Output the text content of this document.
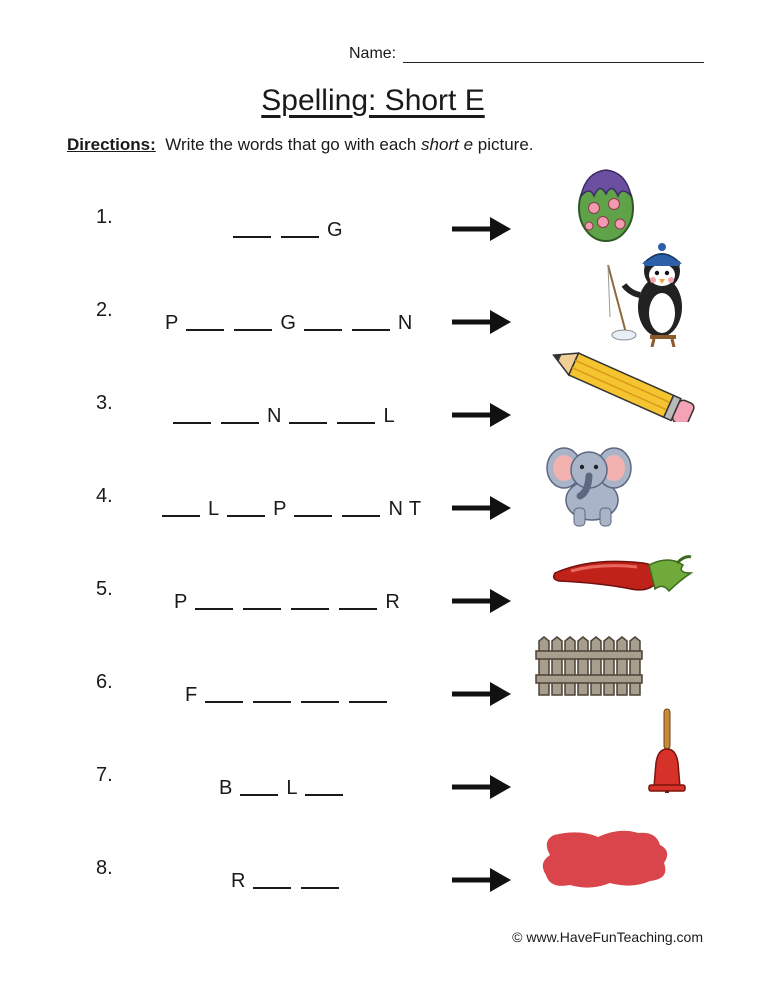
Name:
Spelling: Short E
Directions: Write the words that go with each short e picture.
1.
G
2.
P	G	N
3.
N	L
4.
L	P	N T
5.
P	R
6.
F
7.
B	L
8.
R
© www.HaveFunTeaching.com
